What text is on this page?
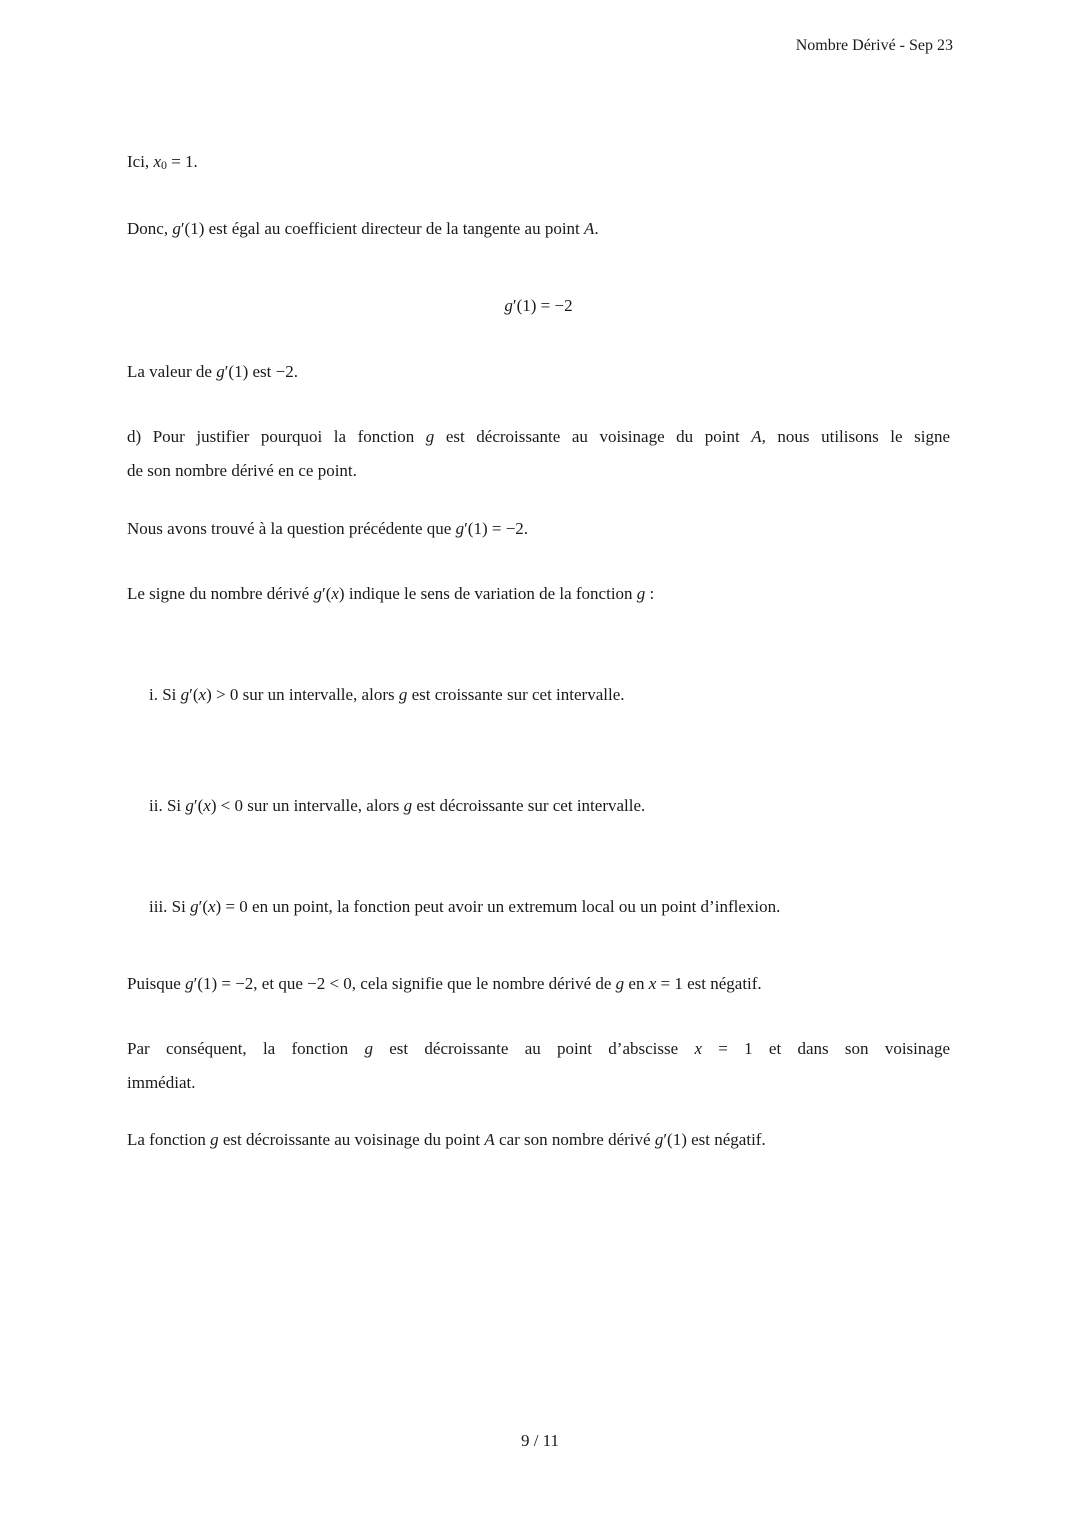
Nombre Dérivé - Sep 23
Ici, x0 = 1.
Donc, g′(1) est égal au coefficient directeur de la tangente au point A.
g′(1) = −2
La valeur de g′(1) est −2.
d) Pour justifier pourquoi la fonction g est décroissante au voisinage du point A, nous utilisons le signe
de son nombre dérivé en ce point.
Nous avons trouvé à la question précédente que g′(1) = −2.
Le signe du nombre dérivé g′(x) indique le sens de variation de la fonction g :
i. Si g′(x) > 0 sur un intervalle, alors g est croissante sur cet intervalle.
ii. Si g′(x) < 0 sur un intervalle, alors g est décroissante sur cet intervalle.
iii. Si g′(x) = 0 en un point, la fonction peut avoir un extremum local ou un point d’inflexion.
Puisque g′(1) = −2, et que −2 < 0, cela signifie que le nombre dérivé de g en x = 1 est négatif.
Par conséquent, la fonction g est décroissante au point d’abscisse x = 1 et dans son voisinage
immédiat.
La fonction g est décroissante au voisinage du point A car son nombre dérivé g′(1) est négatif.
9 / 11
